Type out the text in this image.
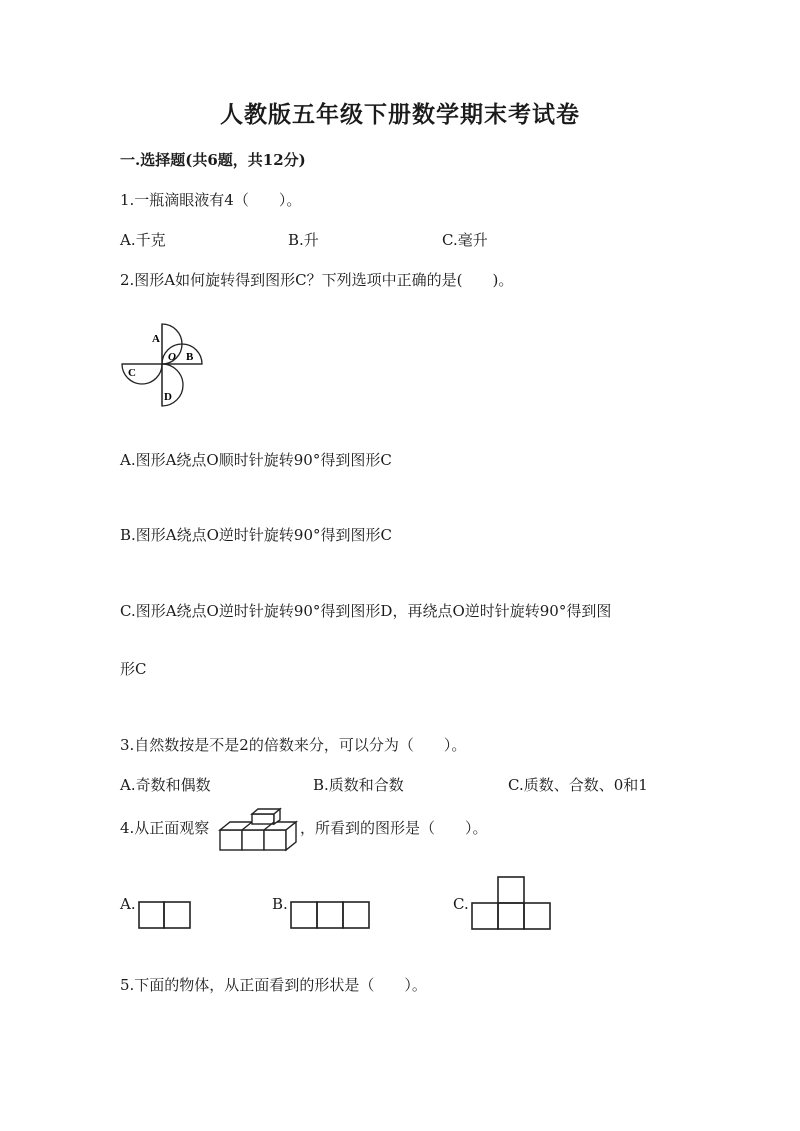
人教版五年级下册数学期末考试卷
一.选择题(共6题，共12分)
1.一瓶滴眼液有4（　　）。
A.千克	B.升	C.毫升
2.图形A如何旋转得到图形C？下列选项中正确的是(　　)。
A
B
C
D
O
A.图形A绕点O顺时针旋转90°得到图形C
B.图形A绕点O逆时针旋转90°得到图形C
C.图形A绕点O逆时针旋转90°得到图形D，再绕点O逆时针旋转90°得到图
形C
3.自然数按是不是2的倍数来分，可以分为（　　）。
A.奇数和偶数	B.质数和合数	C.质数、合数、0和1
4.从正面观察	，所看到的图形是（　　）。
A.	B.	C.
5.下面的物体，从正面看到的形状是（　　）。
